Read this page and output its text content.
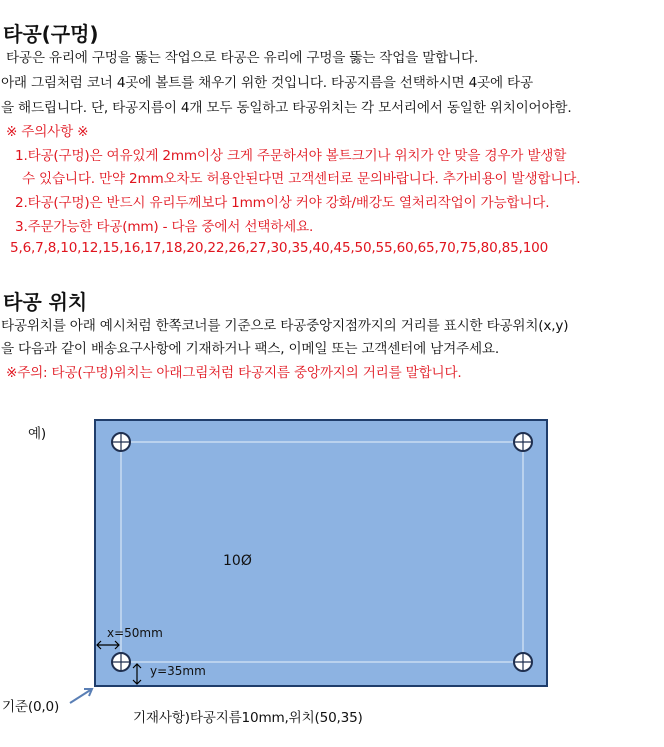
타공(구멍)
타공은 유리에 구멍을 뚫는 작업으로 타공은 유리에 구멍을 뚫는 작업을 말합니다.
아래 그림처럼 코너 4곳에 볼트를 채우기 위한 것입니다. 타공지름을 선택하시면 4곳에 타공
을 해드립니다. 단, 타공지름이 4개 모두 동일하고 타공위치는 각 모서리에서 동일한 위치이어야함.
※ 주의사항 ※
1.타공(구멍)은 여유있게 2mm이상 크게 주문하셔야 볼트크기나 위치가 안 맞을 경우가 발생할
수 있습니다. 만약 2mm오차도 허용안된다면 고객센터로 문의바랍니다. 추가비용이 발생합니다.
2.타공(구멍)은 반드시 유리두께보다 1mm이상 커야 강화/배강도 열처리작업이 가능합니다.
3.주문가능한 타공(mm) - 다음 중에서 선택하세요.
5,6,7,8,10,12,15,16,17,18,20,22,26,27,30,35,40,45,50,55,60,65,70,75,80,85,100
타공 위치
타공위치를 아래 예시처럼 한쪽코너를 기준으로 타공중앙지점까지의 거리를 표시한 타공위치(x,y)
을 다음과 같이 배송요구사항에 기재하거나 팩스, 이메일 또는 고객센터에 남겨주세요.
※주의: 타공(구멍)위치는 아래그림처럼 타공지름 중앙까지의 거리를 말합니다.
예)
10Ø
x=50mm
y=35mm
기준(0,0)
기재사항)타공지름10mm,위치(50,35)
